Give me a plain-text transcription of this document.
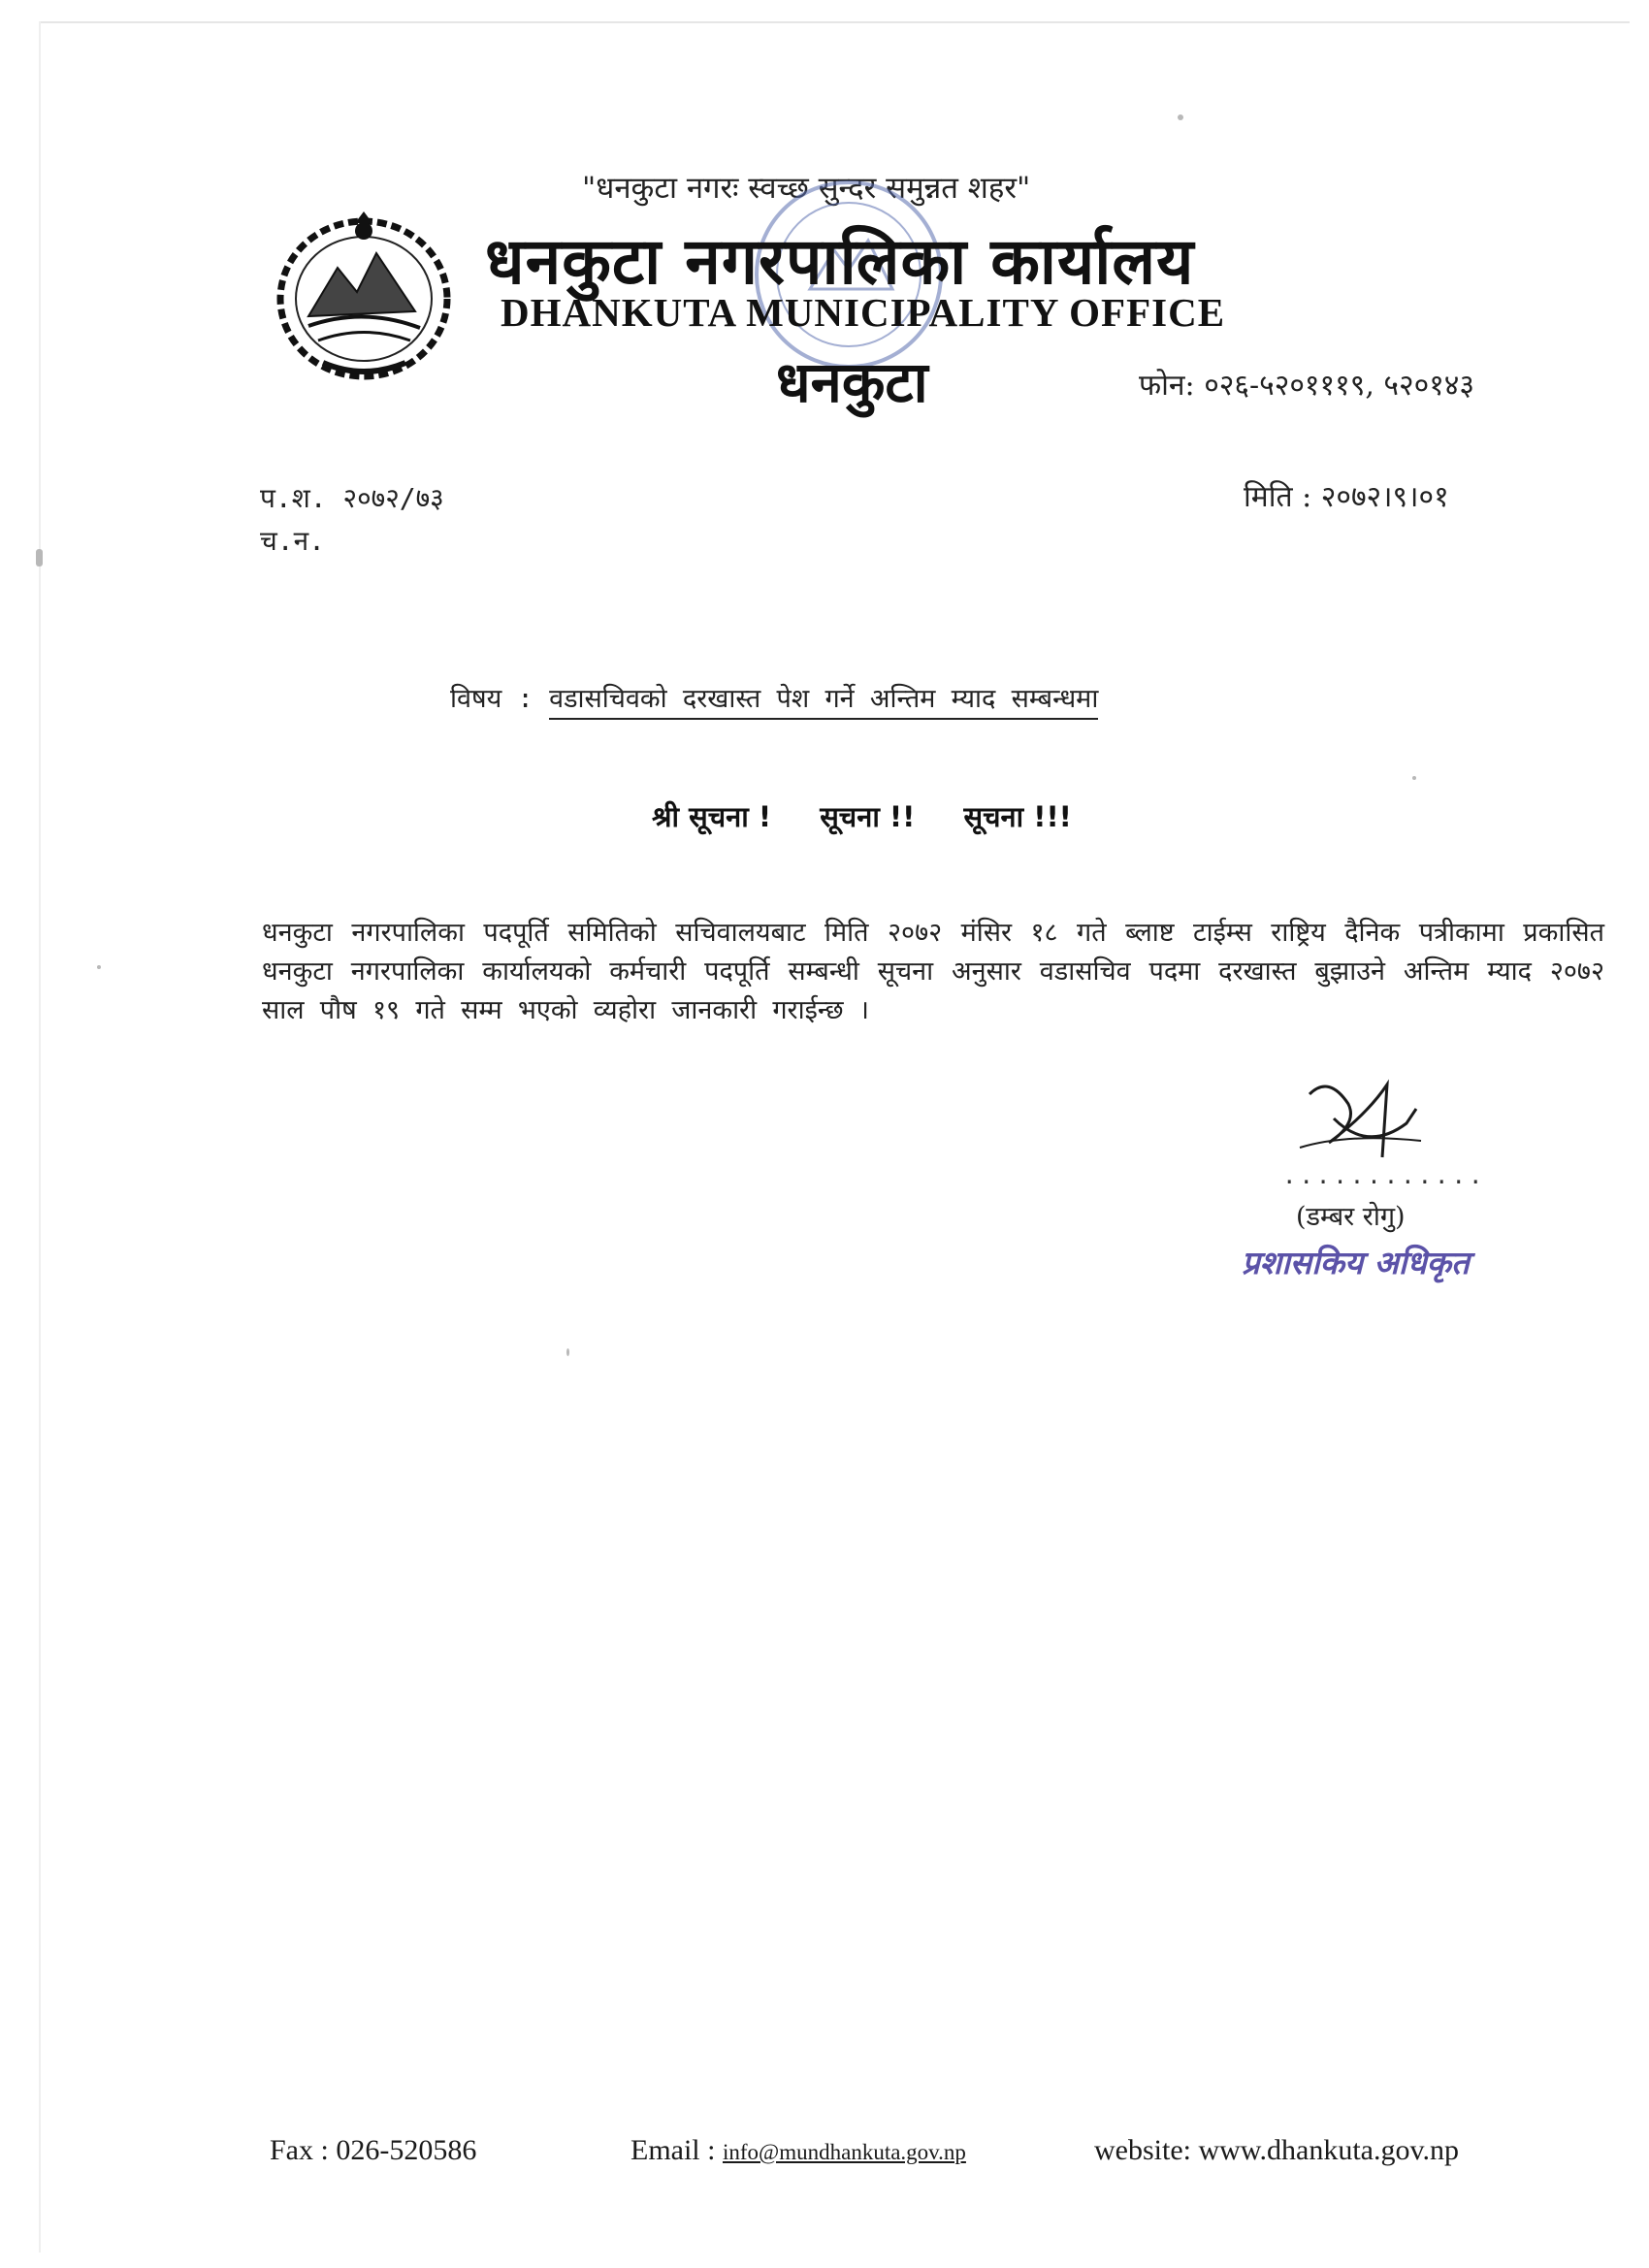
"धनकुटा नगरः स्वच्छ सुन्दर समुन्नत शहर"
धनकुटा नगरपालिका कार्यालय
DHANKUTA MUNICIPALITY OFFICE
धनकुटा	फोन: ०२६-५२०१११९, ५२०१४३
प.श. २०७२/७३
च.न.
मिति : २०७२।९।०१
विषय : वडासचिवको दरखास्त पेश गर्ने अन्तिम म्याद सम्बन्धमा
श्री सूचना ! सूचना !! सूचना !!!
धनकुटा नगरपालिका पदपूर्ति समितिको सचिवालयबाट मिति २०७२ मंसिर १८ गते ब्लाष्ट टाईम्स राष्ट्रिय दैनिक पत्रीकामा प्रकासित धनकुटा नगरपालिका कार्यालयको कर्मचारी पदपूर्ति सम्बन्धी सूचना अनुसार वडासचिव पदमा दरखास्त बुझाउने अन्तिम म्याद २०७२ साल पौष १९ गते सम्म भएको व्यहोरा जानकारी गराईन्छ ।
............
(डम्बर रोगु)
प्रशासकिय अधिकृत
Fax : 026-520586	Email : info@mundhankuta.gov.np	website: www.dhankuta.gov.np
